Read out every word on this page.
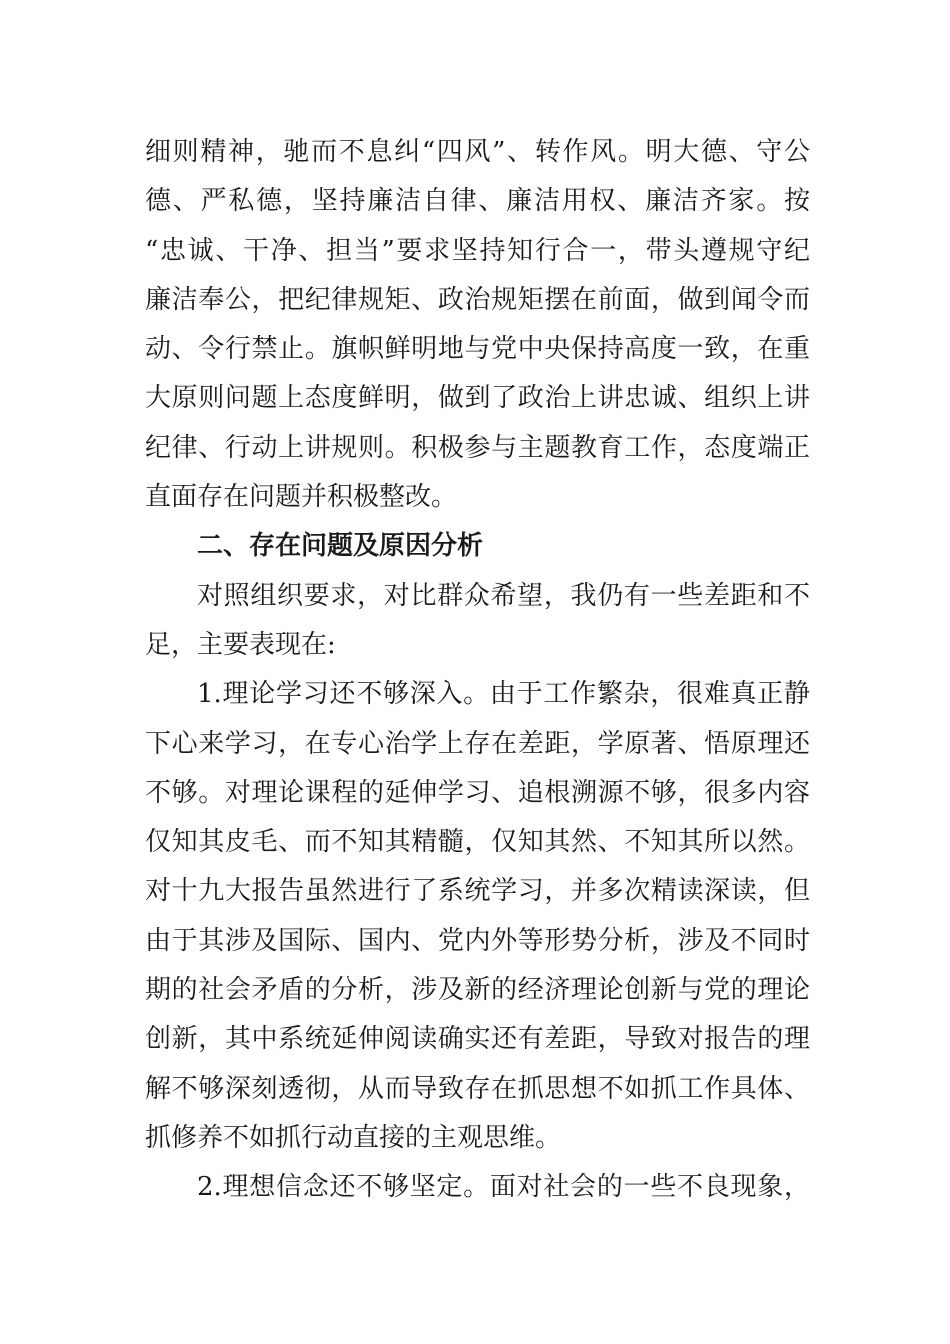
细则精神，驰而不息纠“四风”、转作风。明大德、守公
德、严私德，坚持廉洁自律、廉洁用权、廉洁齐家。按
“忠诚、干净、担当”要求坚持知行合一，带头遵规守纪
廉洁奉公，把纪律规矩、政治规矩摆在前面，做到闻令而
动、令行禁止。旗帜鲜明地与党中央保持高度一致，在重
大原则问题上态度鲜明，做到了政治上讲忠诚、组织上讲
纪律、行动上讲规则。积极参与主题教育工作，态度端正
直面存在问题并积极整改。
二、存在问题及原因分析
对照组织要求，对比群众希望，我仍有一些差距和不
足，主要表现在:
1.理论学习还不够深入。由于工作繁杂，很难真正静
下心来学习，在专心治学上存在差距，学原著、悟原理还
不够。对理论课程的延伸学习、追根溯源不够，很多内容
仅知其皮毛、而不知其精髓，仅知其然、不知其所以然。
对十九大报告虽然进行了系统学习，并多次精读深读，但
由于其涉及国际、国内、党内外等形势分析，涉及不同时
期的社会矛盾的分析，涉及新的经济理论创新与党的理论
创新，其中系统延伸阅读确实还有差距，导致对报告的理
解不够深刻透彻，从而导致存在抓思想不如抓工作具体、
抓修养不如抓行动直接的主观思维。
2.理想信念还不够坚定。面对社会的一些不良现象，
